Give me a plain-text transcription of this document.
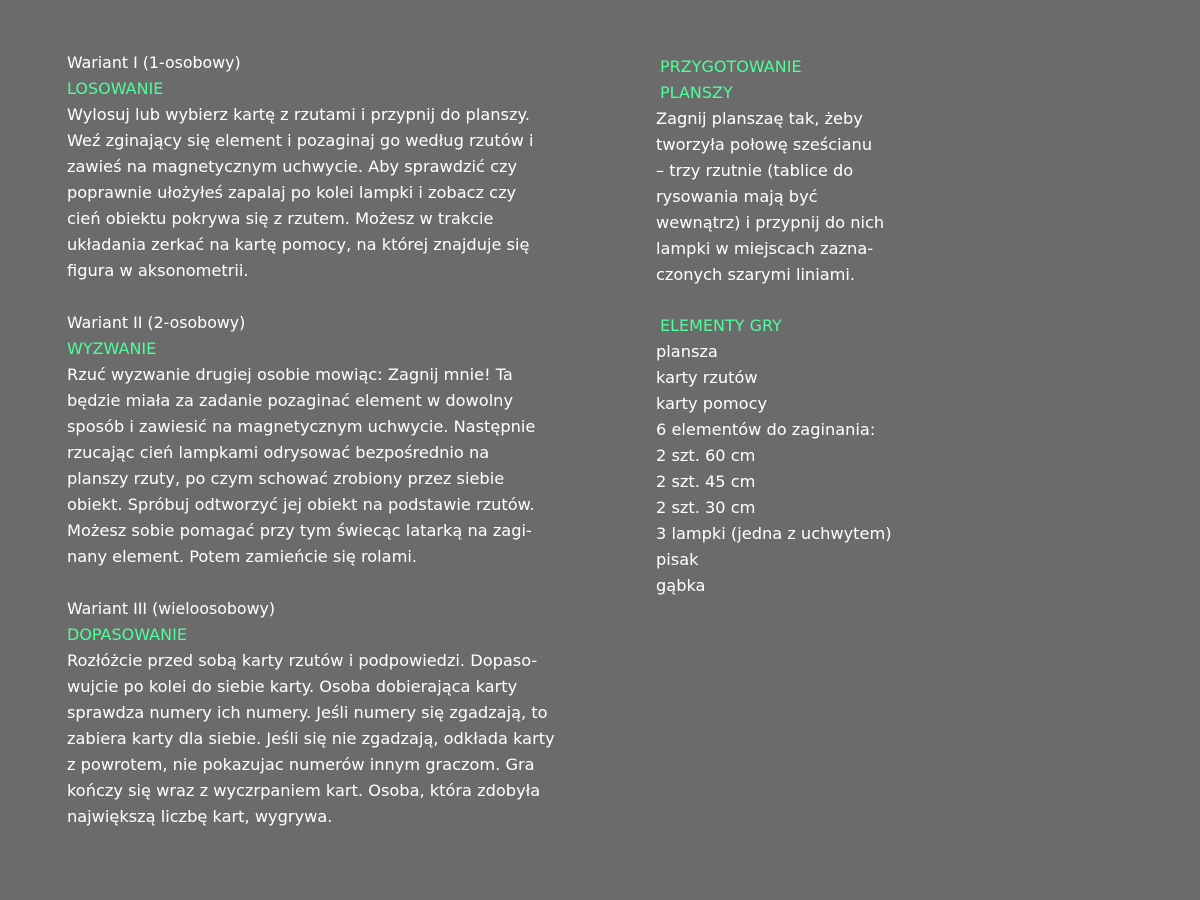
Wariant I (1-osobowy)

LOSOWANIE

Wylosuj lub wybierz kartę z rzutami i przypnij do planszy.

Weź zginający się element i pozaginaj go według rzutów i

zawieś na magnetycznym uchwycie. Aby sprawdzić czy

poprawnie ułożyłeś zapalaj po kolei lampki i zobacz czy

cień obiektu pokrywa się z rzutem. Możesz w trakcie

układania zerkać na kartę pomocy, na której znajduje się

figura w aksonometrii.

Wariant II (2-osobowy)

WYZWANIE

Rzuć wyzwanie drugiej osobie mowiąc: Zagnij mnie! Ta

będzie miała za zadanie pozaginać element w dowolny

sposób i zawiesić na magnetycznym uchwycie. Następnie

rzucając cień lampkami odrysować bezpośrednio na

planszy rzuty, po czym schować zrobiony przez siebie

obiekt. Spróbuj odtworzyć jej obiekt na podstawie rzutów.

Możesz sobie pomagać przy tym świecąc latarką na zagi-

nany element. Potem zamieńcie się rolami.

Wariant III (wieloosobowy)

DOPASOWANIE

Rozłóżcie przed sobą karty rzutów i podpowiedzi. Dopaso-

wujcie po kolei do siebie karty. Osoba dobierająca karty

sprawdza numery ich numery. Jeśli numery się zgadzają, to

zabiera karty dla siebie. Jeśli się nie zgadzają, odkłada karty

z powrotem, nie pokazujac numerów innym graczom. Gra

kończy się wraz z wyczrpaniem kart. Osoba, która zdobyła

największą liczbę kart, wygrywa.

PRZYGOTOWANIE

PLANSZY

Zagnij planszaę tak, żeby

tworzyła połowę sześcianu

– trzy rzutnie (tablice do

rysowania mają być

wewnątrz) i przypnij do nich

lampki w miejscach zazna-

czonych szarymi liniami.

ELEMENTY GRY

plansza

karty rzutów

karty pomocy

6 elementów do zaginania:

2 szt. 60 cm

2 szt. 45 cm

2 szt. 30 cm

3 lampki (jedna z uchwytem)

pisak

gąbka
